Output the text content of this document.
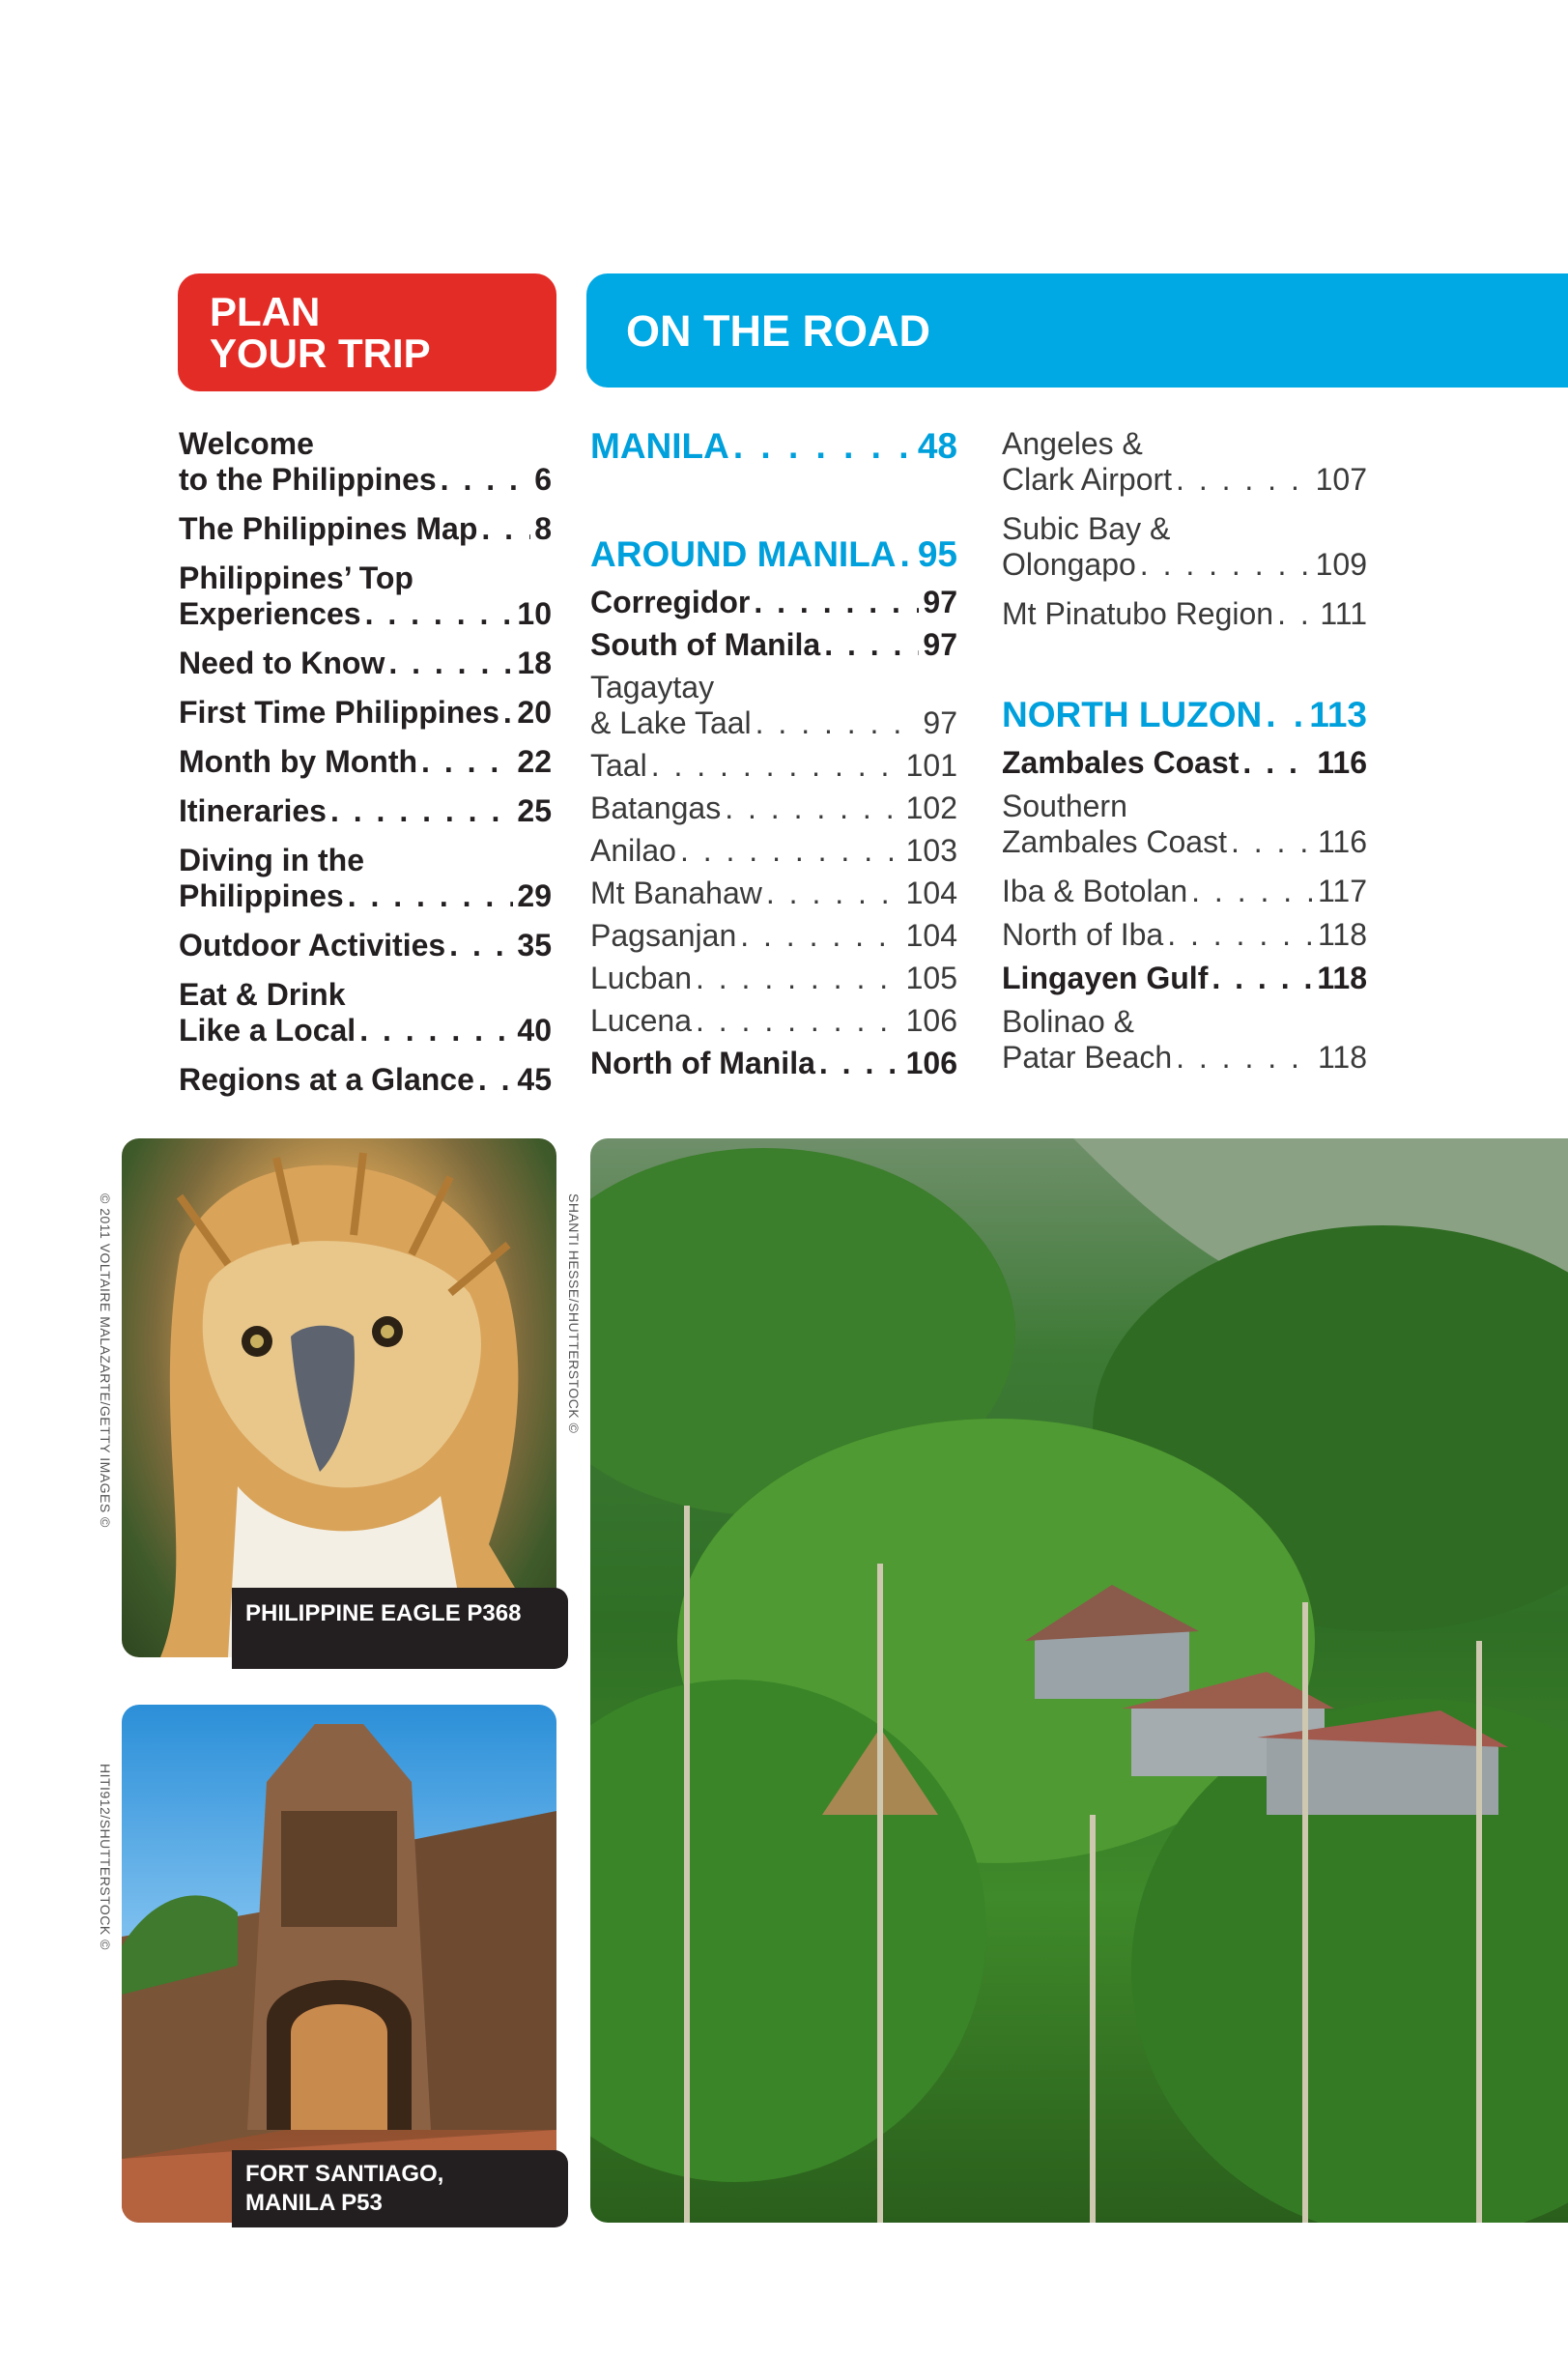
PLAN
YOUR TRIP	ON THE ROAD
Welcome
to the Philippines . . .	6
The Philippines Map . . . 8
Philippines’ Top
Experiences . . .	10
Need to Know . . .	18
First Time Philippines . . . 20
Month by Month . . .	22
Itineraries . . .	25
Diving in the
Philippines . . .	29
Outdoor Activities . . . 35
Eat & Drink
Like a Local . . .	40
Regions at a Glance . . . 45
MANILA . . .	48
AROUND MANILA . . . 95
Corregidor . . .	97
South of Manila . . .	97
Tagaytay
& Lake Taal . . .	97
Taal . . .	101
Batangas . . .	102
Anilao . . .	103
Mt Banahaw . . .	104
Pagsanjan . . .	104
Lucban . . .	105
Lucena . . .	106
North of Manila . . .	106
Angeles &
Clark Airport . . .	107
Subic Bay &
Olongapo . . .	109
Mt Pinatubo Region . . . 111
NORTH LUZON . . . 113
Zambales Coast . . .	116
Southern
Zambales Coast . . .	116
Iba & Botolan . . .	117
North of Iba . . .	118
Lingayen Gulf . . .	118
Bolinao &
Patar Beach . . .	118
PHILIPPINE EAGLE P368
© 2011 VOLTAIRE MALAZARTE/GETTY IMAGES ©
FORT SANTIAGO,
MANILA P53
HITI912/SHUTTERSTOCK ©
SHANTI HESSE/SHUTTERSTOCK ©
